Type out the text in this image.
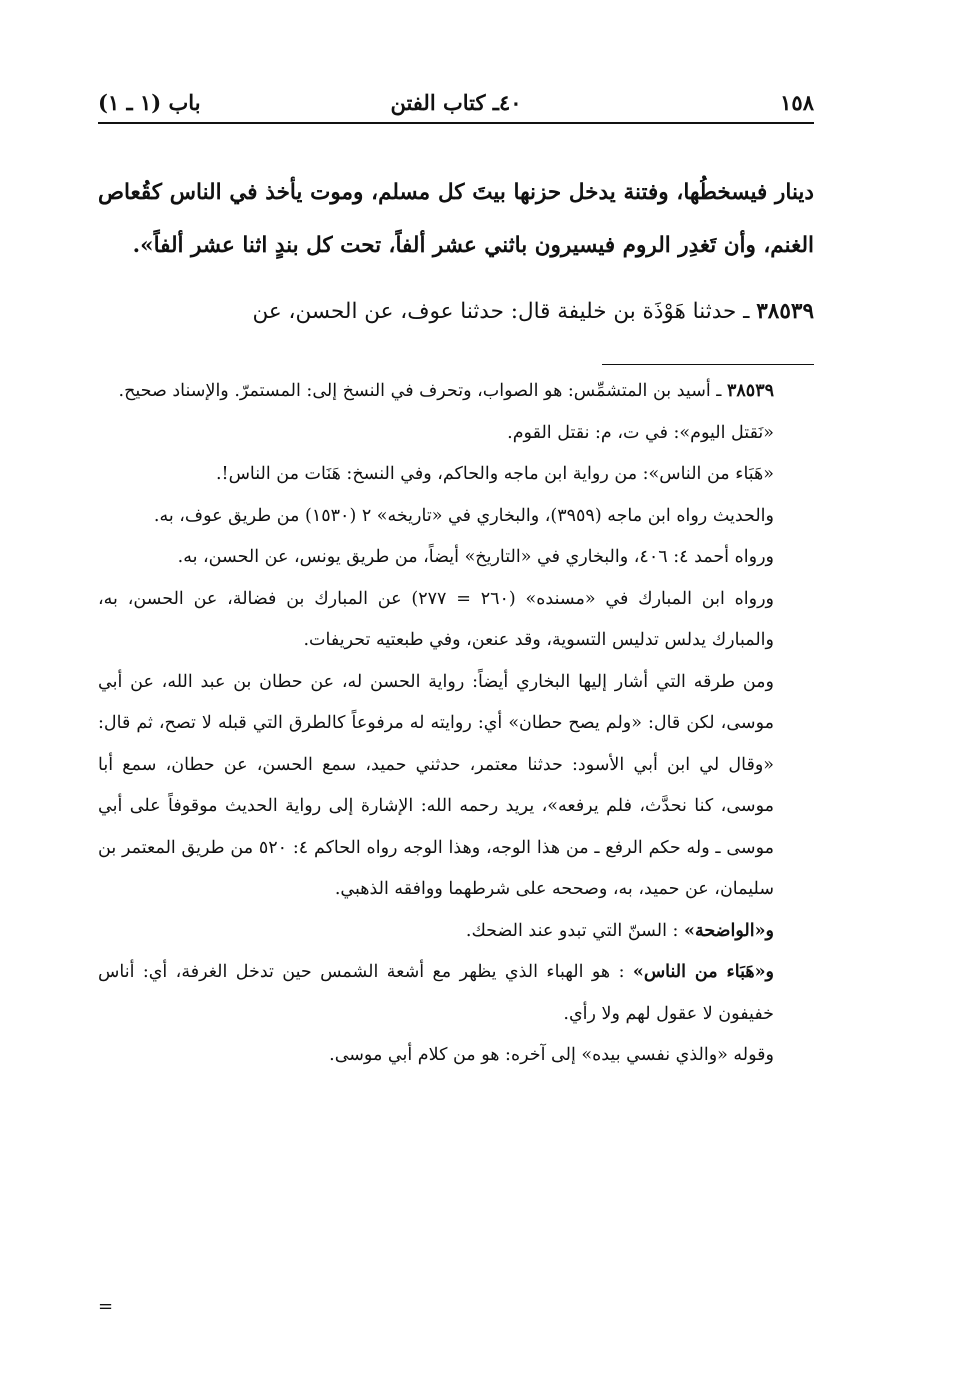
١٥٨
٤٠ـ كتاب الفتن
باب (١ ـ ١)
دينار فيسخطُها، وفتنة يدخل حزنها بيتَ كل مسلم، وموت يأخذ في الناس كقُعاص الغنم، وأن تَغدِر الروم فيسيرون باثني عشر ألفاً، تحت كل بندٍ اثنا عشر ألفاً».
٣٨٥٣٩ ـ حدثنا هَوْذَة بن خليفة قال: حدثنا عوف، عن الحسن، عن

٣٨٥٣٩ ـ أسيد بن المتشمِّس: هو الصواب، وتحرف في النسخ إلى: المستمرّ. والإسناد صحيح.

«نَقتل اليوم»: في ت، م: نقتل القوم.

«هَبَاء من الناس»: من رواية ابن ماجه والحاكم، وفي النسخ: هَنَات من الناس!.

والحديث رواه ابن ماجه (٣٩٥٩)، والبخاري في «تاريخه» ٢ (١٥٣٠) من طريق عوف، به.

ورواه أحمد ٤: ٤٠٦، والبخاري في «التاريخ» أيضاً، من طريق يونس، عن الحسن، به.

ورواه ابن المبارك في «مسنده» (٢٦٠ = ٢٧٧) عن المبارك بن فضالة، عن الحسن، به، والمبارك يدلس تدليس التسوية، وقد عنعن، وفي طبعتيه تحريفات.

ومن طرقه التي أشار إليها البخاري أيضاً: رواية الحسن له، عن حطان بن عبد الله، عن أبي موسى، لكن قال: «ولم يصح حطان» أي: روايته له مرفوعاً كالطرق التي قبله لا تصح، ثم قال: «وقال لي ابن أبي الأسود: حدثنا معتمر، حدثني حميد، سمع الحسن، عن حطان، سمع أبا موسى، كنا نحدَّث، فلم يرفعه»، يريد رحمه الله: الإشارة إلى رواية الحديث موقوفاً على أبي موسى ـ وله حكم الرفع ـ من هذا الوجه، وهذا الوجه رواه الحاكم ٤: ٥٢٠ من طريق المعتمر بن سليمان، عن حميد، به، وصححه على شرطهما ووافقه الذهبي.

و«الواضحة» : السنّ التي تبدو عند الضحك.

و«هَبَاء من الناس» : هو الهباء الذي يظهر مع أشعة الشمس حين تدخل الغرفة، أي: أناس خفيفون لا عقول لهم ولا رأي.

وقوله «والذي نفسي بيده» إلى آخره: هو من كلام أبي موسى.

=
